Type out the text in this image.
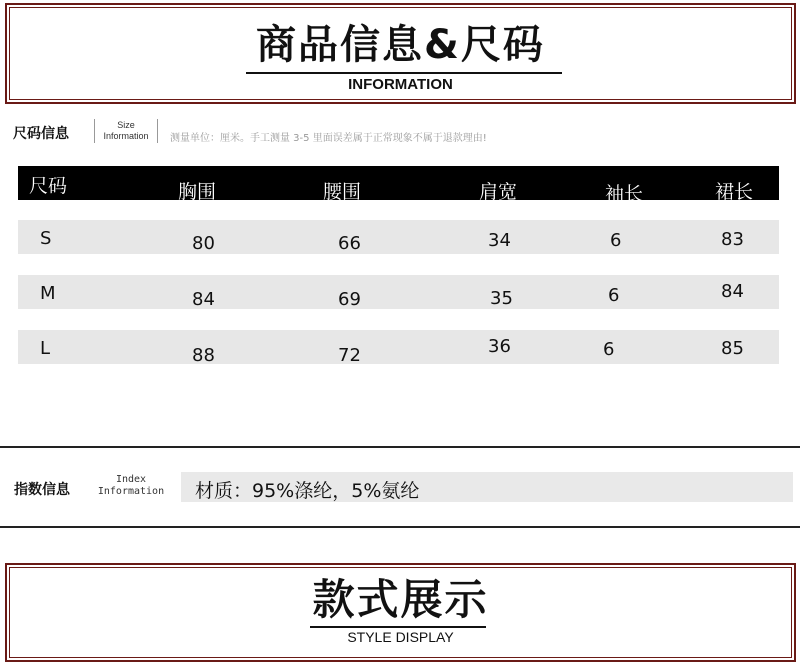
商品信息&尺码
INFORMATION
尺码信息
Size
Information	测量单位：厘米。手工测量 3-5 里面误差属于正常现象不属于退款理由!
尺码	胸围	腰围	肩宽	袖长	裙长
S	80	66	34	6	83
M	84	69	35	6	84
L	88	72	36	6	85
指数信息
Index
Information	材质：95%涤纶，5%氨纶
款式展示
STYLE DISPLAY
